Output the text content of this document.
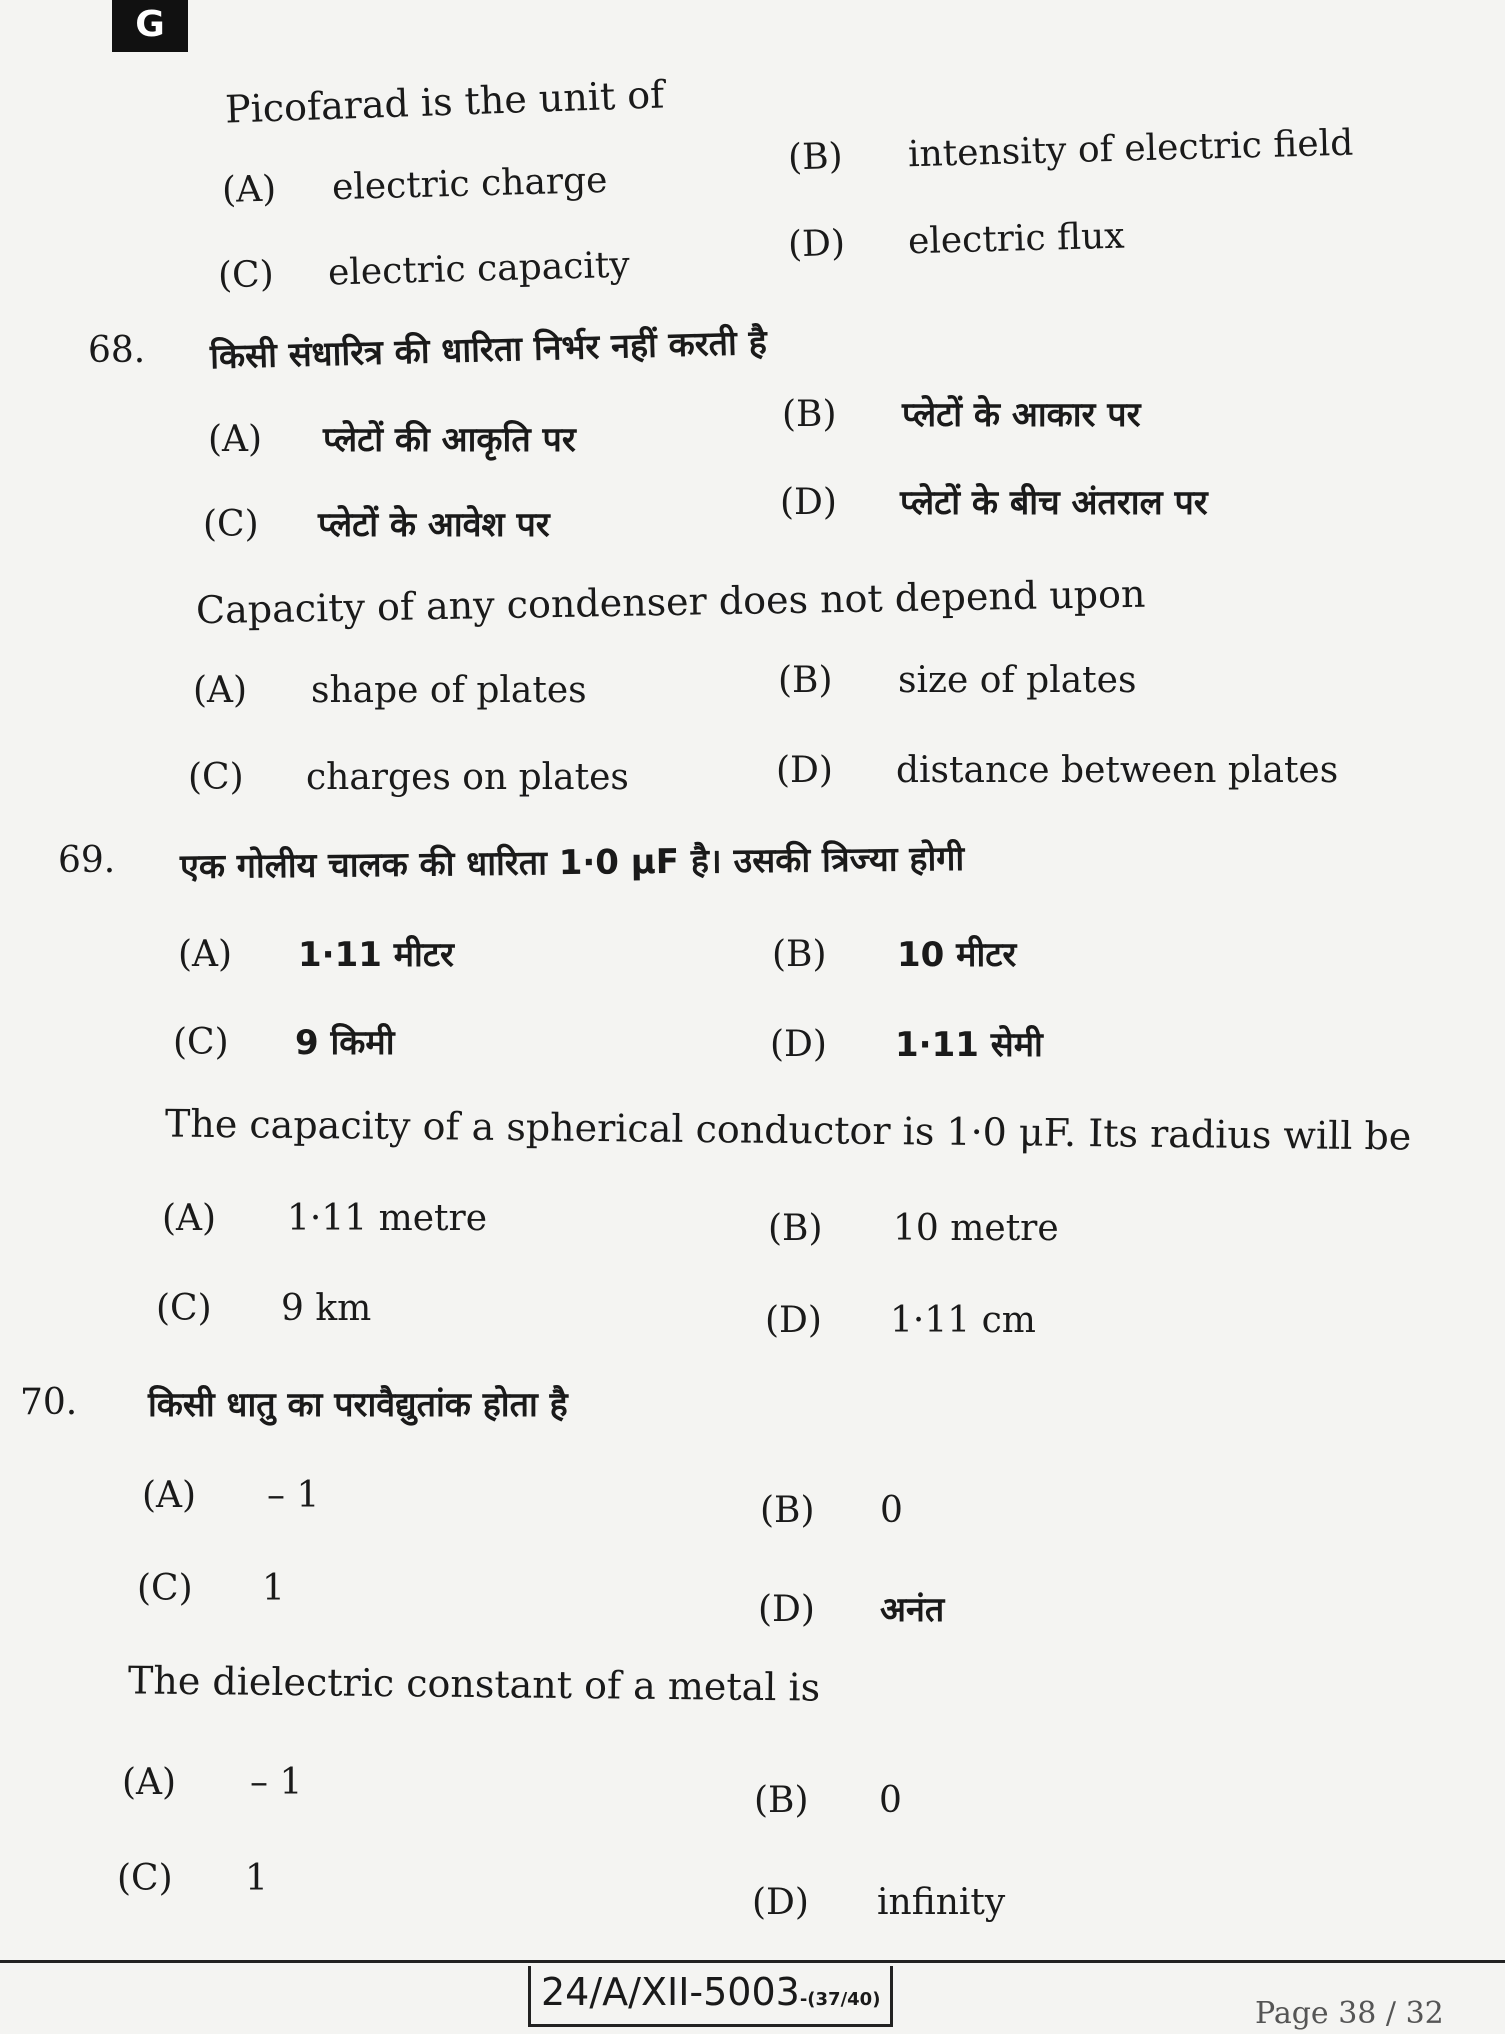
G
Picofarad is the unit of
(A) electric charge
(B) intensity of electric field
(C) electric capacity
(D) electric flux
68. किसी संधारित्र की धारिता निर्भर नहीं करती है
(A) प्लेटों की आकृति पर
(B) प्लेटों के आकार पर
(C) प्लेटों के आवेश पर
(D) प्लेटों के बीच अंतराल पर
Capacity of any condenser does not depend upon
(A) shape of plates	(B) size of plates
(C) charges on plates	(D) distance between plates
69. एक गोलीय चालक की धारिता 1·0 μF है। उसकी त्रिज्या होगी
(A) 1·11 मीटर	(B) 10 मीटर
(C) 9 किमी	(D) 1·11 सेमी
The capacity of a spherical conductor is 1·0 μF. Its radius will be
(A) 1·11 metre	(B) 10 metre
(C) 9 km	(D) 1·11 cm
70. किसी धातु का परावैद्युतांक होता है
(A) – 1	(B) 0
(C) 1
(D) अनंत
The dielectric constant of a metal is
(A) – 1	(B) 0
(C) 1
(D) infinity
24/A/XII-5003-(37/40)	Page 38 / 32
